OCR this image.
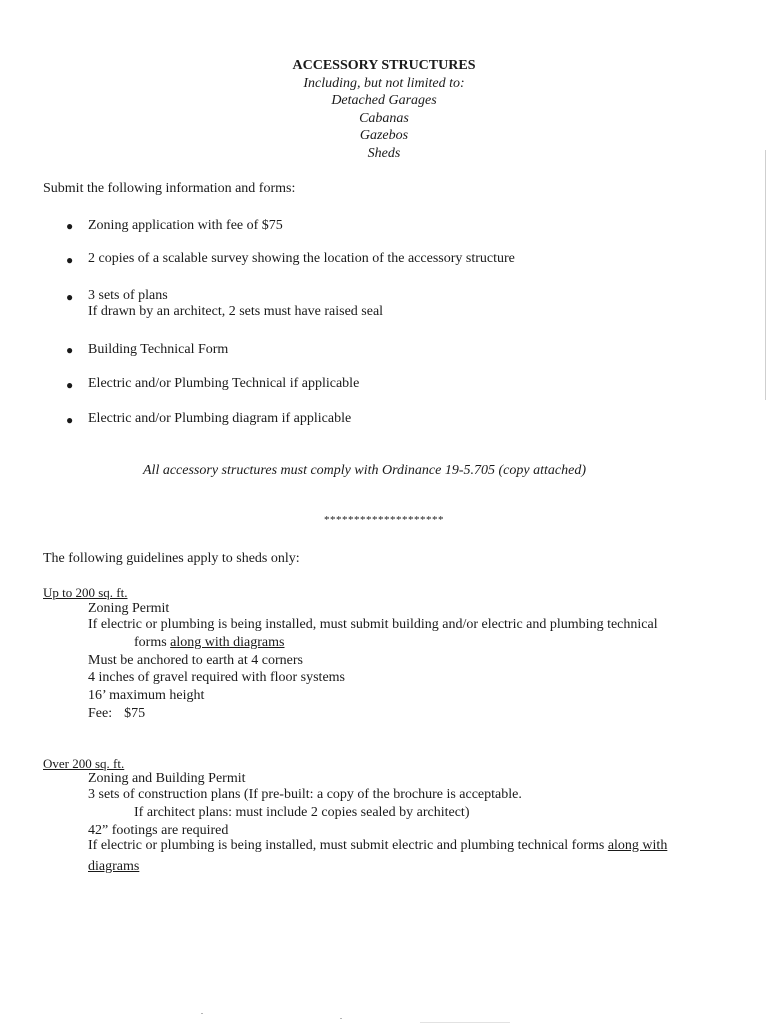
ACCESSORY STRUCTURES
Including, but not limited to:
Detached Garages
Cabanas
Gazebos
Sheds
Submit the following information and forms:
● Zoning application with fee of $75
● 2 copies of a scalable survey showing the location of the accessory structure
● 3 sets of plans
If drawn by an architect, 2 sets must have raised seal
● Building Technical Form
● Electric and/or Plumbing Technical if applicable
● Electric and/or Plumbing diagram if applicable
All accessory structures must comply with Ordinance 19-5.705 (copy attached)
********************
The following guidelines apply to sheds only:
Up to 200 sq. ft.
Zoning Permit
If electric or plumbing is being installed, must submit building and/or electric and plumbing technical
forms along with diagrams
Must be anchored to earth at 4 corners
4 inches of gravel required with floor systems
16’ maximum height
Fee: $75
Over 200 sq. ft.
Zoning and Building Permit
3 sets of construction plans (If pre-built: a copy of the brochure is acceptable.
If architect plans: must include 2 copies sealed by architect)
42” footings are required
If electric or plumbing is being installed, must submit electric and plumbing technical forms along with
diagrams
